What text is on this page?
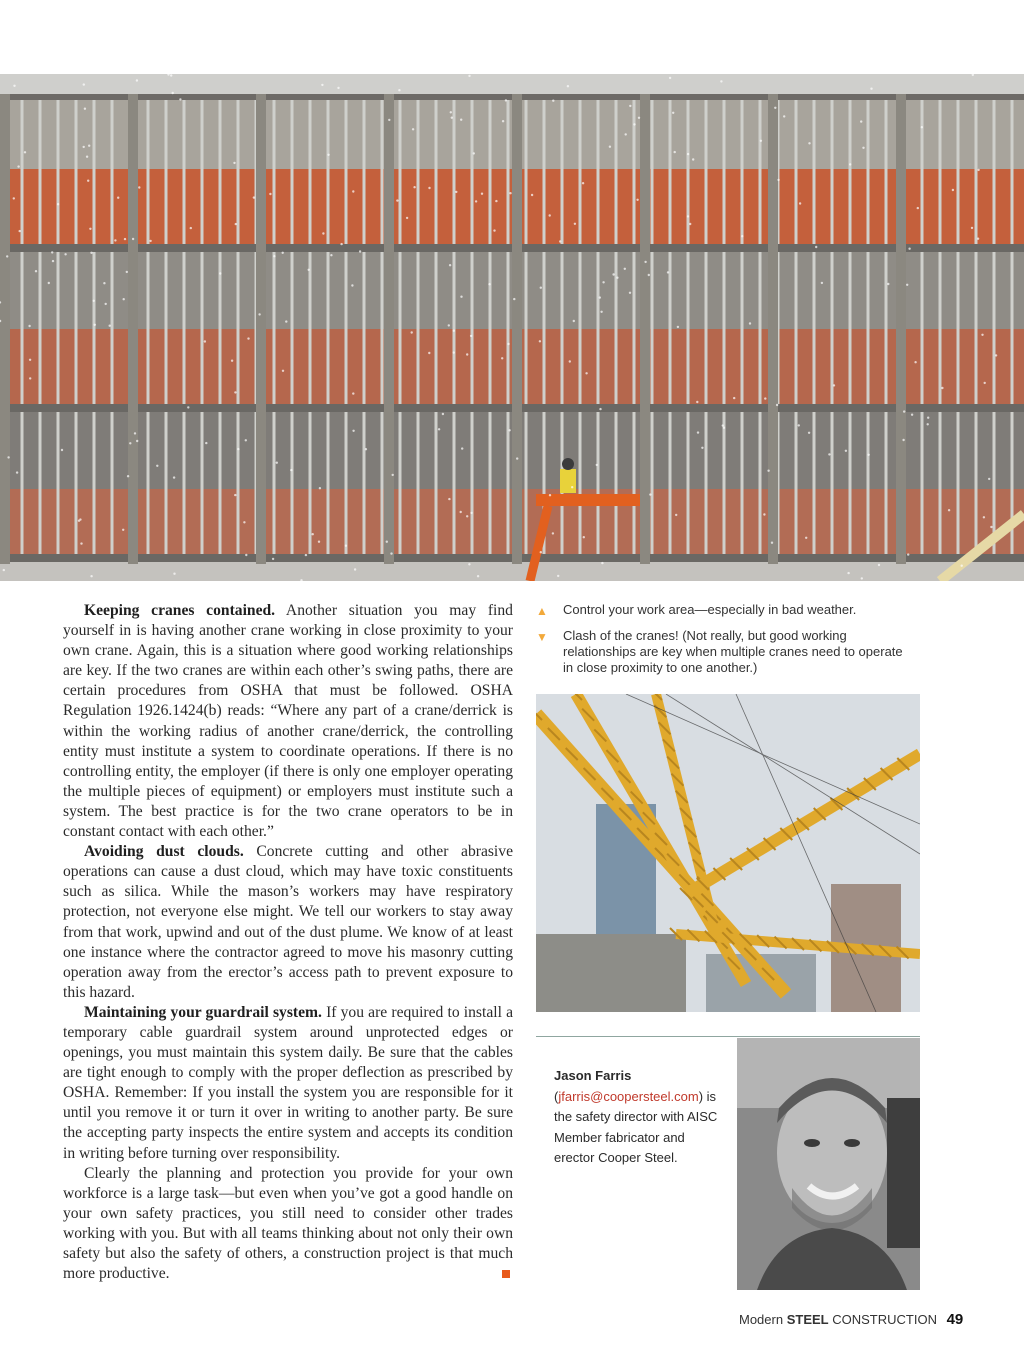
Keeping cranes contained. Another situation you may find yourself in is having another crane working in close proximity to your own crane. Again, this is a situation where good working relationships are key. If the two cranes are within each other’s swing paths, there are certain procedures from OSHA that must be followed. OSHA Regulation 1926.1424(b) reads: “Where any part of a crane/derrick is within the working radius of another crane/derrick, the controlling entity must institute a system to coordinate operations. If there is no controlling entity, the employer (if there is only one employer operating the multiple pieces of equipment) or employers must institute such a system. The best practice is for the two crane operators to be in constant contact with each other.”

Avoiding dust clouds. Concrete cutting and other abrasive operations can cause a dust cloud, which may have toxic constituents such as silica. While the mason’s workers may have respiratory protection, not everyone else might. We tell our workers to stay away from that work, upwind and out of the dust plume. We know of at least one instance where the contractor agreed to move his masonry cutting operation away from the erector’s access path to prevent exposure to this hazard.

Maintaining your guardrail system. If you are required to install a temporary cable guardrail system around unprotected edges or openings, you must maintain this system daily. Be sure that the cables are tight enough to comply with the proper deflection as prescribed by OSHA. Remember: If you install the system you are responsible for it until you remove it or turn it over in writing to another party. Be sure the accepting party inspects the entire system and accepts its condition in writing before turning over responsibility.

Clearly the planning and protection you provide for your own workforce is a large task—but even when you’ve got a good handle on your own safety practices, you still need to consider other trades working with you. But with all teams thinking about not only their own safety but also the safety of others, a construction project is that much more productive.

▲ Control your work area—especially in bad weather.
▼ Clash of the cranes! (Not really, but good working relationships are key when multiple cranes need to operate in close proximity to one another.)
Jason Farris (jfarris@coopersteel.com) is the safety director with AISC Member fabricator and erector Cooper Steel.
Modern STEEL CONSTRUCTION 49
